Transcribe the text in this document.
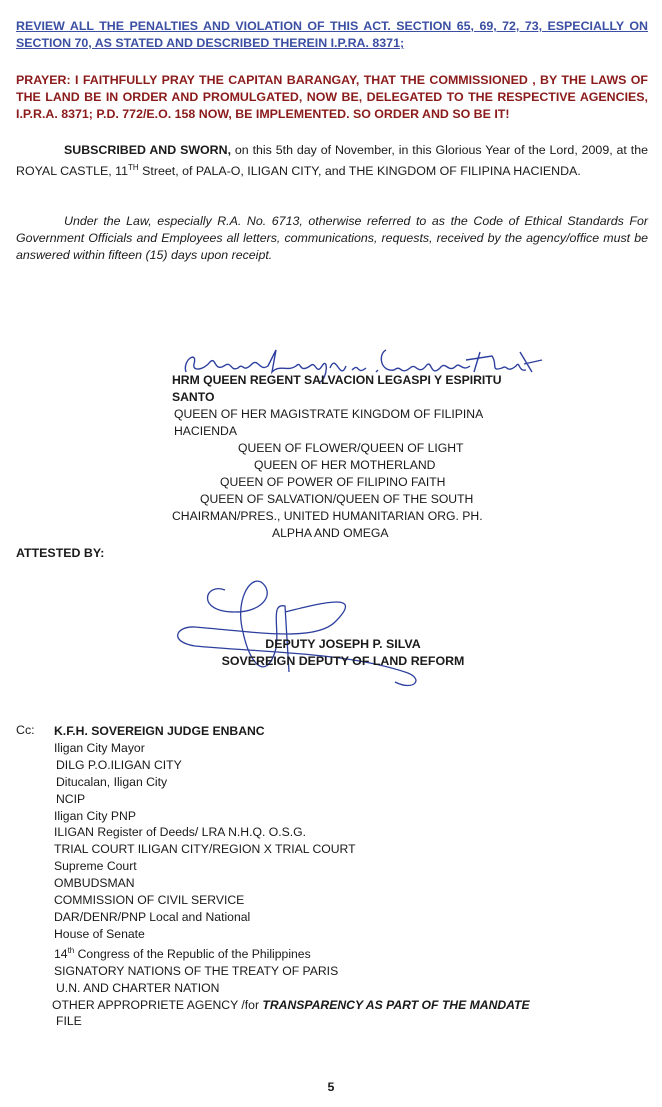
REVIEW ALL THE PENALTIES AND VIOLATION OF THIS ACT. SECTION 65, 69, 72, 73, ESPECIALLY ON SECTION 70, AS STATED AND DESCRIBED THEREIN I.P.RA. 8371;
PRAYER: I FAITHFULLY PRAY THE CAPITAN BARANGAY, THAT THE COMMISSIONED , BY THE LAWS OF THE LAND BE IN ORDER AND PROMULGATED, NOW BE, DELEGATED TO THE RESPECTIVE AGENCIES, I.P.R.A. 8371; P.D. 772/E.O. 158 NOW, BE IMPLEMENTED. SO ORDER AND SO BE IT!
SUBSCRIBED AND SWORN, on this 5th day of November, in this Glorious Year of the Lord, 2009, at the ROYAL CASTLE, 11TH Street, of PALA-O, ILIGAN CITY, and THE KINGDOM OF FILIPINA HACIENDA.
Under the Law, especially R.A. No. 6713, otherwise referred to as the Code of Ethical Standards For Government Officials and Employees all letters, communications, requests, received by the agency/office must be answered within fifteen (15) days upon receipt.
HRM QUEEN REGENT SALVACION LEGASPI Y ESPIRITU SANTO
QUEEN OF HER MAGISTRATE KINGDOM OF FILIPINA HACIENDA
QUEEN OF FLOWER/QUEEN OF LIGHT
QUEEN OF HER MOTHERLAND
QUEEN OF POWER OF FILIPINO FAITH
QUEEN OF SALVATION/QUEEN OF THE SOUTH
CHAIRMAN/PRES., UNITED HUMANITARIAN ORG. PH.
ALPHA AND OMEGA
ATTESTED BY:
DEPUTY JOSEPH P. SILVA
SOVEREIGN DEPUTY OF LAND REFORM
Cc: K.F.H. SOVEREIGN JUDGE ENBANC
Iligan City Mayor
DILG P.O.ILIGAN CITY
Ditucalan, Iligan City
NCIP
Iligan City PNP
ILIGAN Register of Deeds/ LRA N.H.Q. O.S.G.
TRIAL COURT ILIGAN CITY/REGION X TRIAL COURT
Supreme Court
OMBUDSMAN
COMMISSION OF CIVIL SERVICE
DAR/DENR/PNP Local and National
House of Senate
14th Congress of the Republic of the Philippines
SIGNATORY NATIONS OF THE TREATY OF PARIS
U.N. AND CHARTER NATION
OTHER APPROPRIETE AGENCY /for TRANSPARENCY AS PART OF THE MANDATE
FILE
5
